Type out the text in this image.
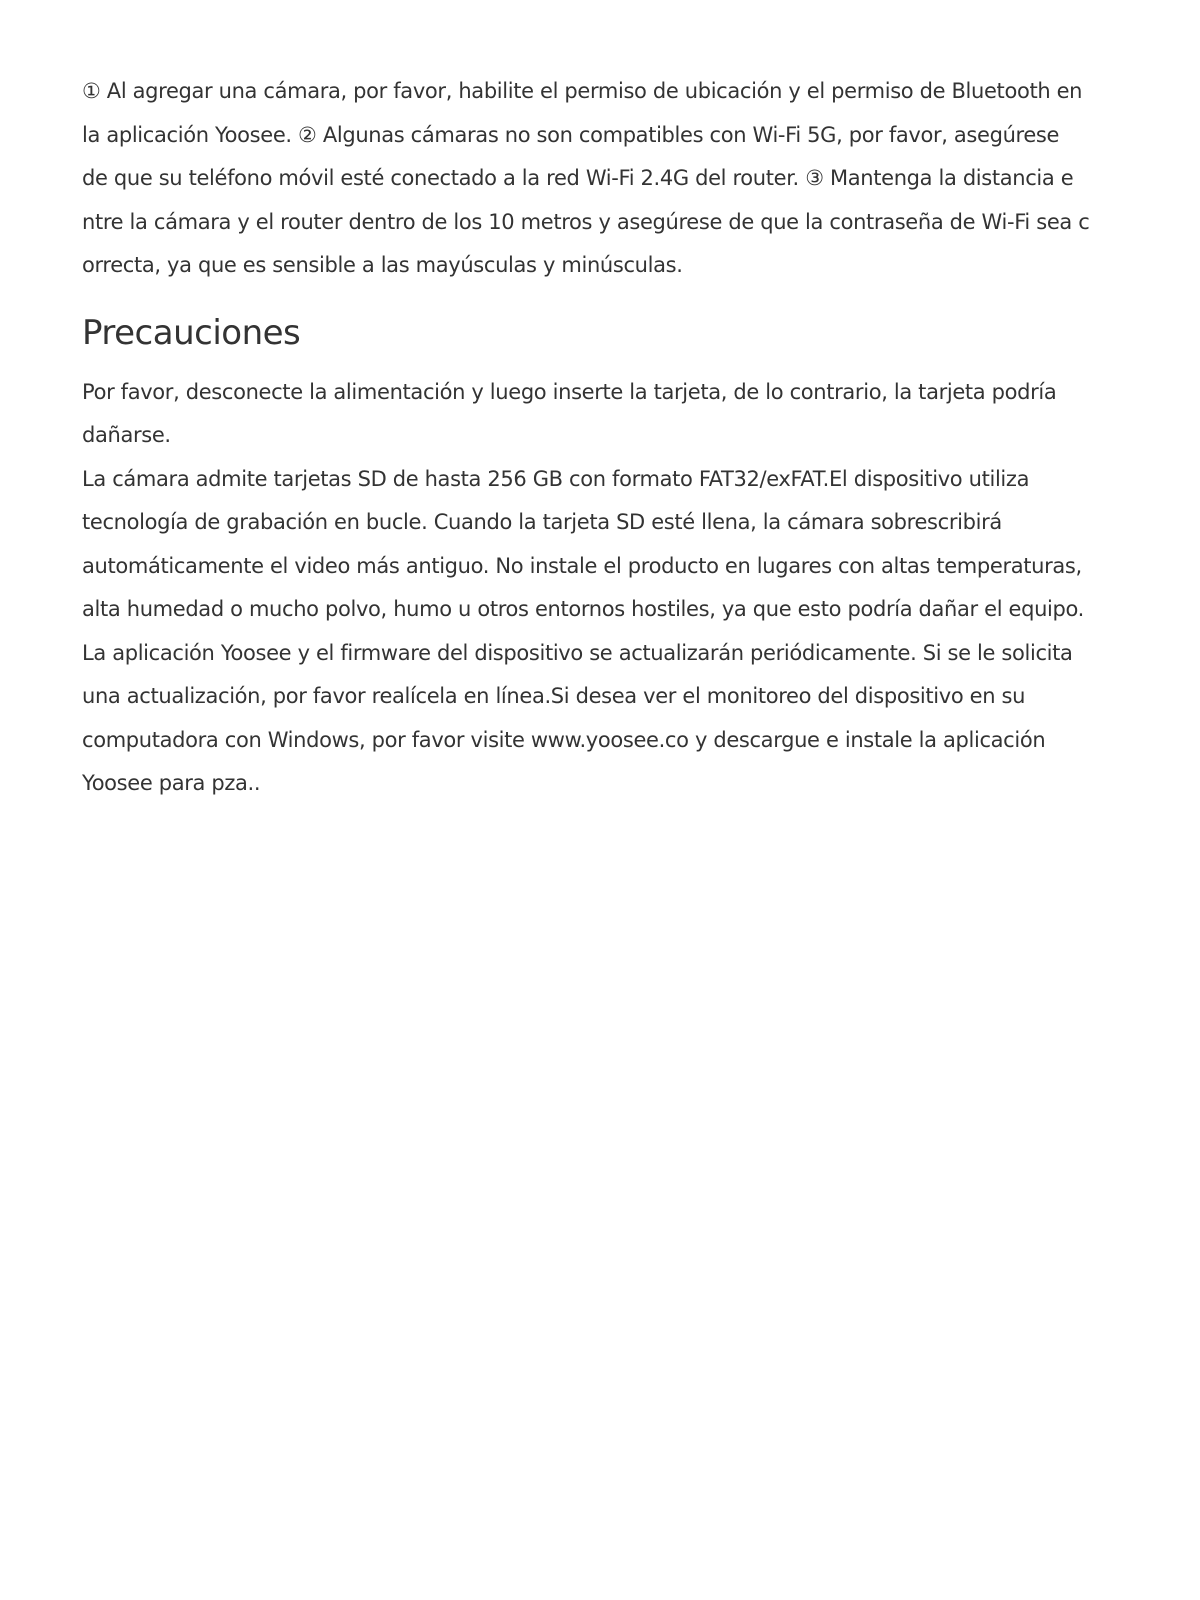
① Al agregar una cámara, por favor, habilite el permiso de ubicación y el permiso de Bluetooth en
la aplicación Yoosee. ② Algunas cámaras no son compatibles con Wi-Fi 5G, por favor, asegúrese
de que su teléfono móvil esté conectado a la red Wi-Fi 2.4G del router. ③ Mantenga la distancia e
ntre la cámara y el router dentro de los 10 metros y asegúrese de que la contraseña de Wi-Fi sea c
orrecta, ya que es sensible a las mayúsculas y minúsculas.

Precauciones

Por favor, desconecte la alimentación y luego inserte la tarjeta, de lo contrario, la tarjeta podría
dañarse.
La cámara admite tarjetas SD de hasta 256 GB con formato FAT32/exFAT.El dispositivo utiliza
tecnología de grabación en bucle. Cuando la tarjeta SD esté llena, la cámara sobrescribirá
automáticamente el video más antiguo. No instale el producto en lugares con altas temperaturas,
alta humedad o mucho polvo, humo u otros entornos hostiles, ya que esto podría dañar el equipo.
La aplicación Yoosee y el firmware del dispositivo se actualizarán periódicamente. Si se le solicita
una actualización, por favor realícela en línea.Si desea ver el monitoreo del dispositivo en su
computadora con Windows, por favor visite www.yoosee.co y descargue e instale la aplicación
Yoosee para pza..
